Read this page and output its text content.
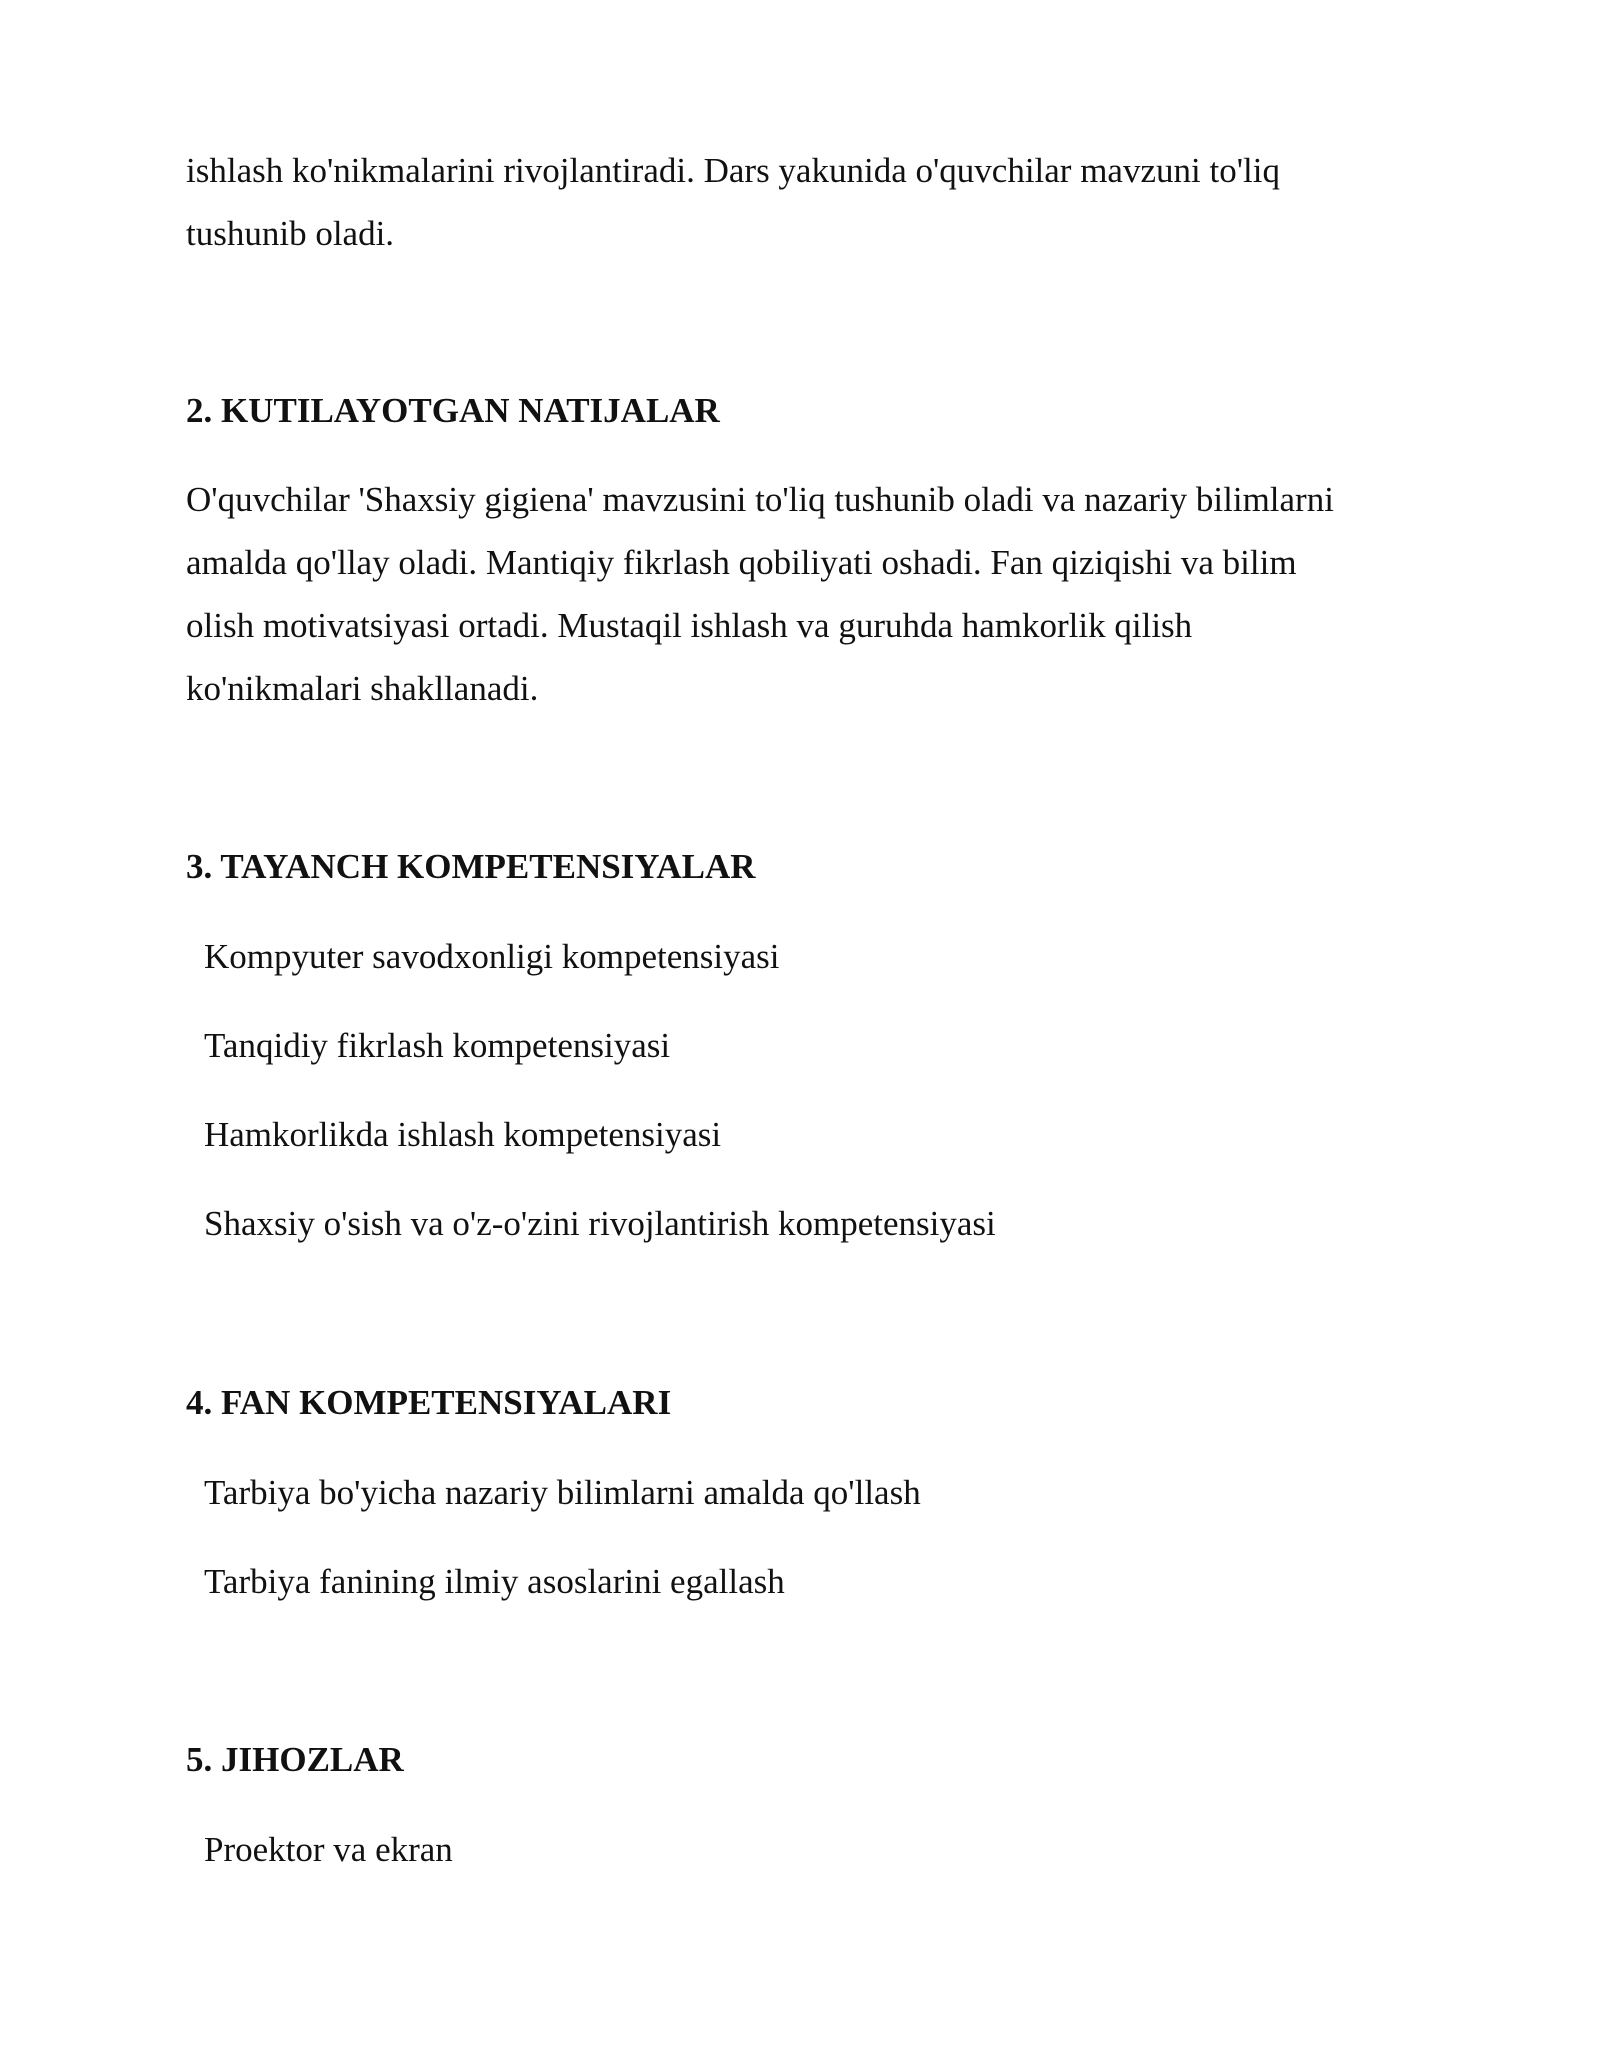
ishlash ko'nikmalarini rivojlantiradi. Dars yakunida o'quvchilar mavzuni to'liq

tushunib oladi.

2. KUTILAYOTGAN NATIJALAR

O'quvchilar 'Shaxsiy gigiena' mavzusini to'liq tushunib oladi va nazariy bilimlarni

amalda qo'llay oladi. Mantiqiy fikrlash qobiliyati oshadi. Fan qiziqishi va bilim

olish motivatsiyasi ortadi. Mustaqil ishlash va guruhda hamkorlik qilish

ko'nikmalari shakllanadi.

3. TAYANCH KOMPETENSIYALAR

Kompyuter savodxonligi kompetensiyasi

Tanqidiy fikrlash kompetensiyasi

Hamkorlikda ishlash kompetensiyasi

Shaxsiy o'sish va o'z-o'zini rivojlantirish kompetensiyasi

4. FAN KOMPETENSIYALARI

Tarbiya bo'yicha nazariy bilimlarni amalda qo'llash

Tarbiya fanining ilmiy asoslarini egallash

5. JIHOZLAR

Proektor va ekran
